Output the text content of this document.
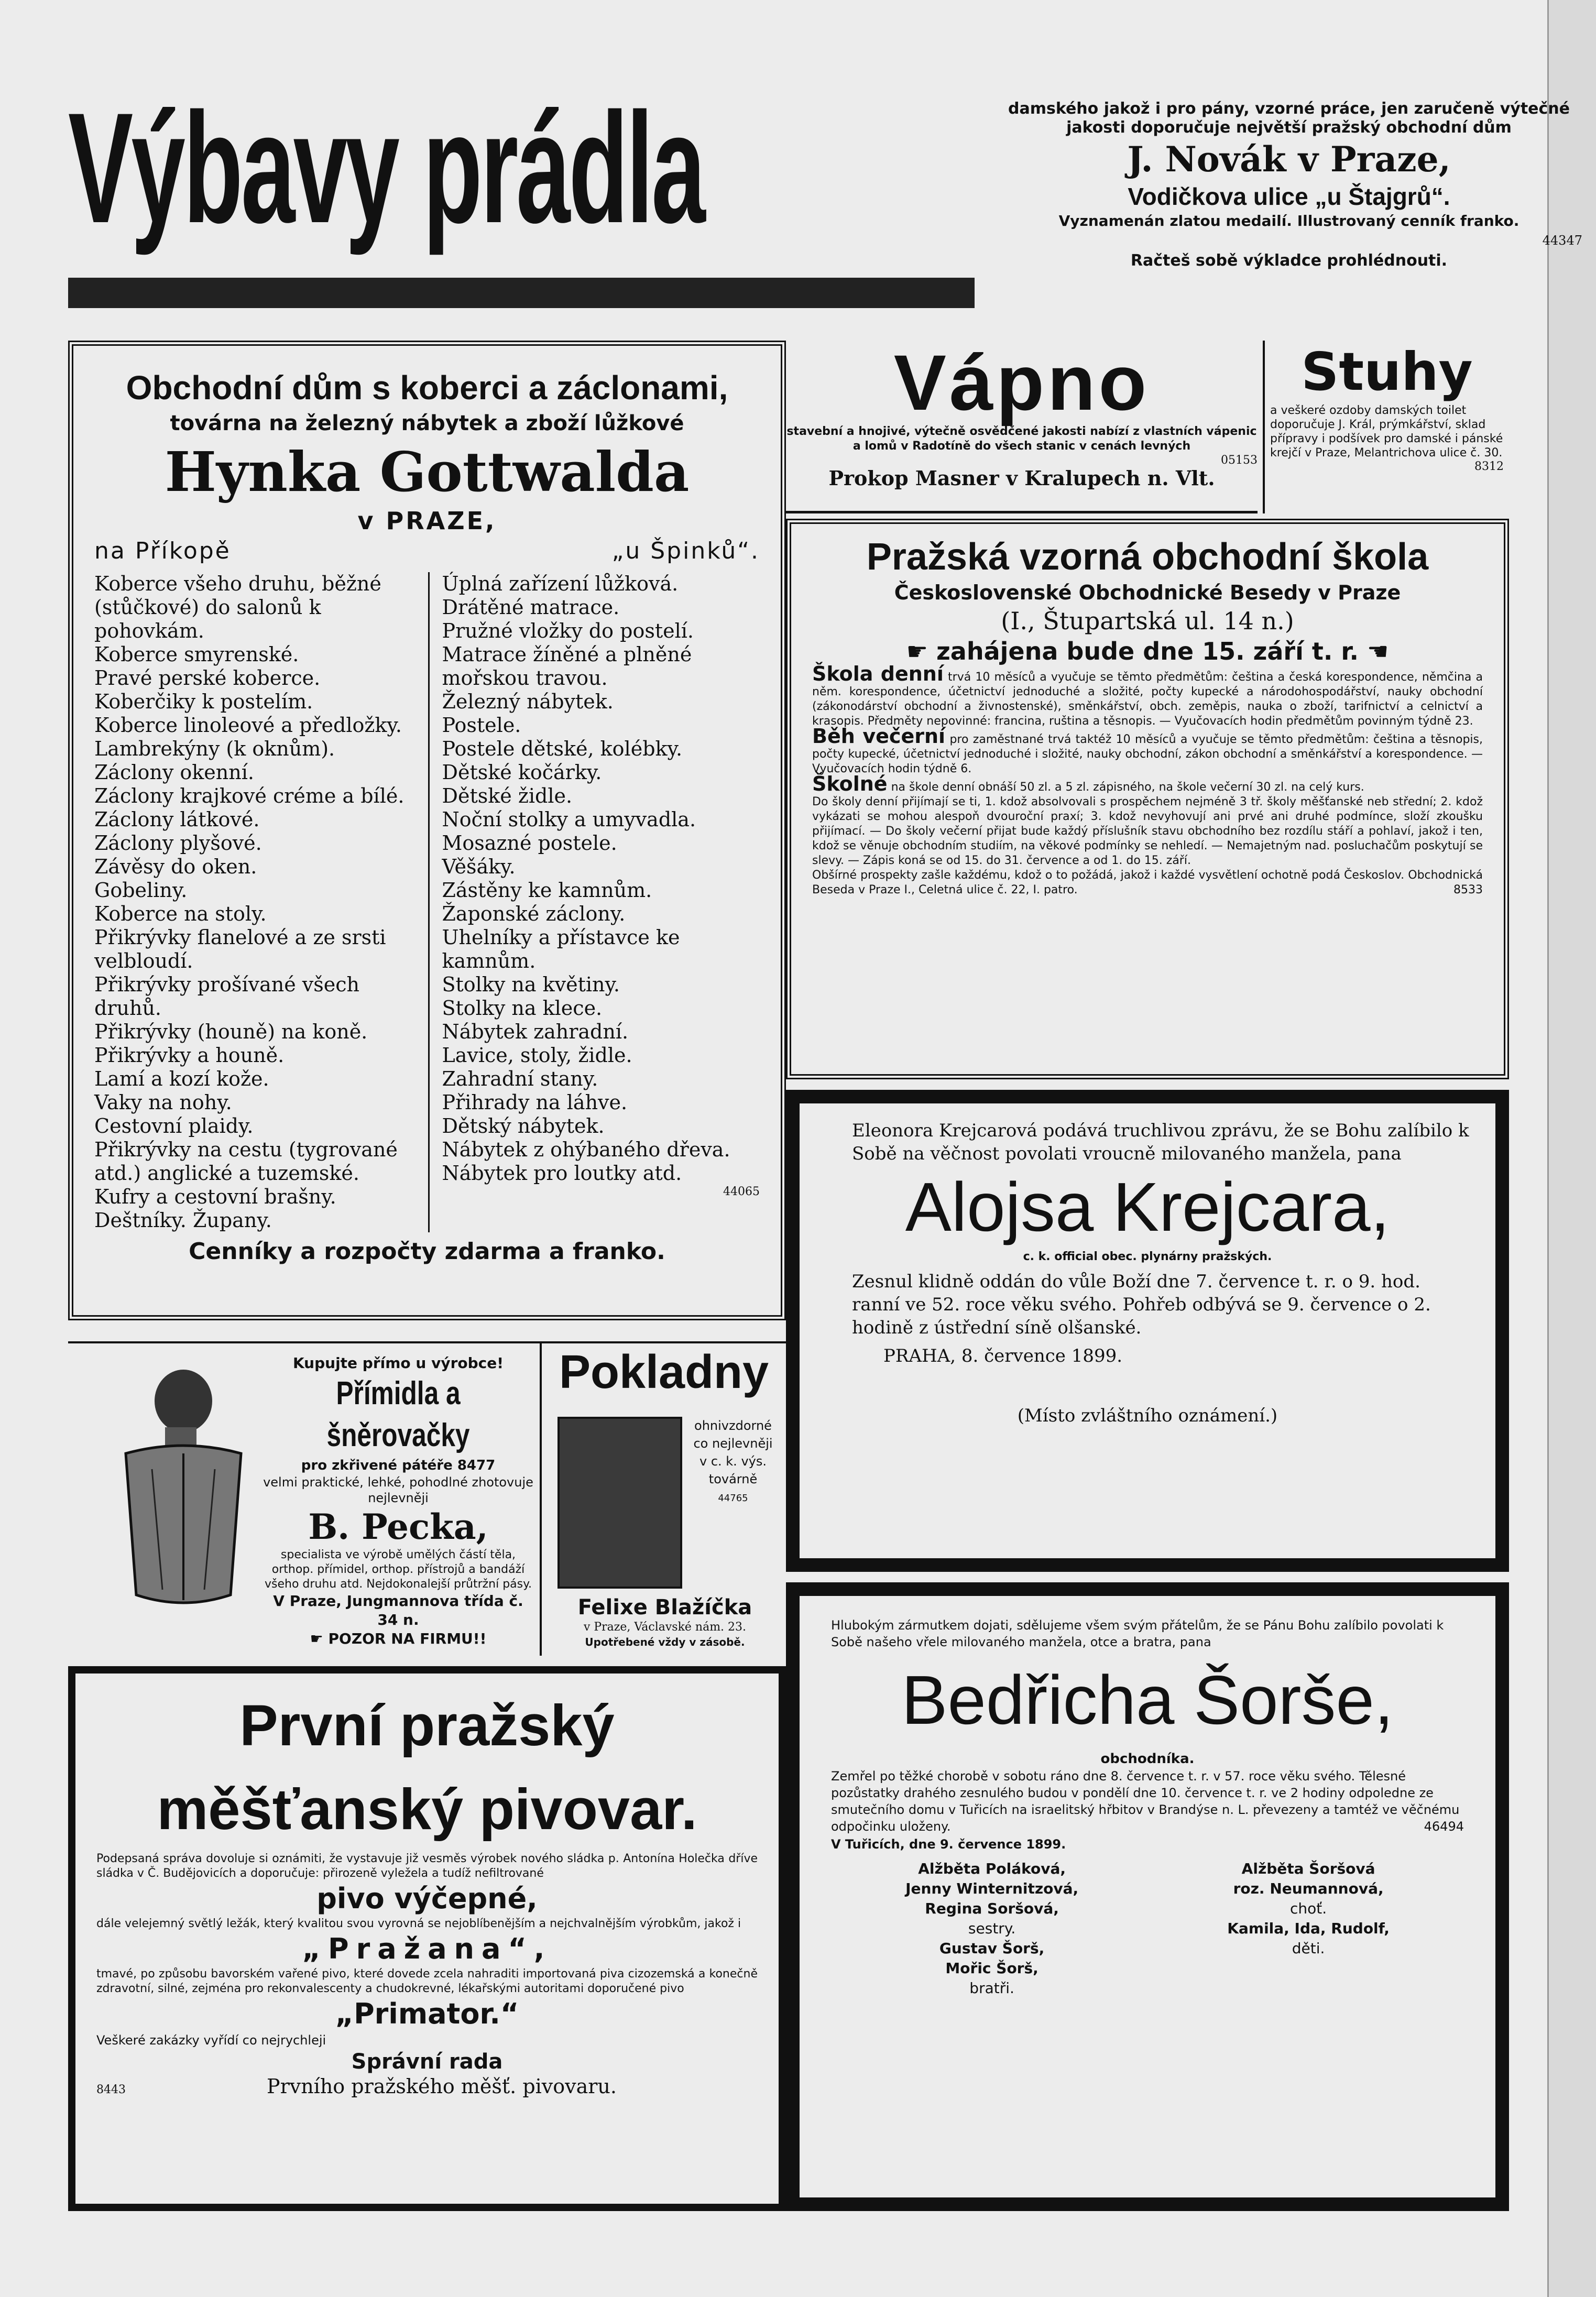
Výbavy prádla	damského jakož i pro pány, vzorné práce, jen zaručeně výtečné jakosti doporučuje největší pražský obchodní dům
J. Novák v Praze,
Vodičkova ulice „u Štajgrů“.
Vyznamenán zlatou medailí. Illustrovaný cenník franko.
44347
Račteš sobě výkladce prohlédnouti.
Obchodní dům s koberci a záclonami,
továrna na železný nábytek a zboží lůžkové
Hynka Gottwalda
v PRAZE,
na Příkopě	„u Špinků“.
Koberce všeho druhu, běžné (stůčkové) do salonů k pohovkám.
Koberce smyrenské.
Pravé perské koberce.
Koberčiky k postelím.
Koberce linoleové a předložky.
Lambrekýny (k oknům).
Záclony okenní.
Záclony krajkové créme a bílé.
Záclony látkové.
Záclony plyšové.
Závěsy do oken.
Gobeliny.
Koberce na stoly.
Přikrývky flanelové a ze srsti velbloudí.
Přikrývky prošívané všech druhů.
Přikrývky (houně) na koně.
Přikrývky a houně.
Lamí a kozí kože.
Vaky na nohy.
Cestovní plaidy.
Přikrývky na cestu (tygrované atd.) anglické a tuzemské.
Kufry a cestovní brašny.
Deštníky. Župany.
Úplná zařízení lůžková.
Drátěné matrace.
Pružné vložky do postelí.
Matrace žíněné a plněné mořskou travou.
Železný nábytek.
Postele.
Postele dětské, kolébky.
Dětské kočárky.
Dětské židle.
Noční stolky a umyvadla.
Mosazné postele.
Věšáky.
Zástěny ke kamnům.
Žaponské záclony.
Uhelníky a přístavce ke kamnům.
Stolky na květiny.
Stolky na klece.
Nábytek zahradní.
Lavice, stoly, židle.
Zahradní stany.
Přihrady na láhve.
Dětský nábytek.
Nábytek z ohýbaného dřeva.
Nábytek pro loutky atd.
44065
Cenníky a rozpočty zdarma a franko.
Vápno
stavební a hnojivé, výtečně osvědčené jakosti nabízí z vlastních vápenic a lomů v Radotíně do všech stanic v cenách levných
05153
Prokop Masner v Kralupech n. Vlt.
Stuhy
a veškeré ozdoby damských toilet doporučuje J. Král, prýmkářství, sklad přípravy i podšívek pro damské i pánské krejčí v Praze, Melantrichova ulice č. 30.
8312
Pražská vzorná obchodní škola
Československé Obchodnické Besedy v Praze
(I., Štupartská ul. 14 n.)
☛ zahájena bude dne 15. září t. r. ☚
Škola denní trvá 10 měsíců a vyučuje se těmto předmětům: čeština a česká korespondence, němčina a něm. korespondence, účetnictví jednoduché a složité, počty kupecké a národohospodářství, nauky obchodní (zákonodárství obchodní a živnostenské), směnkářství, obch. zeměpis, nauka o zboží, tarifnictví a celnictví a krasopis. Předměty nepovinné: francina, ruština a těsnopis. — Vyučovacích hodin předmětům povinným týdně 23.
Běh večerní pro zaměstnané trvá taktéž 10 měsíců a vyučuje se těmto předmětům: čeština a těsnopis, počty kupecké, účetnictví jednoduché i složité, nauky obchodní, zákon obchodní a směnkářství a korespondence. — Vyučovacích hodin týdně 6.
Školné na škole denní obnáší 50 zl. a 5 zl. zápisného, na škole večerní 30 zl. na celý kurs.
Do školy denní přijímají se ti, 1. kdož absolvovali s prospěchem nejméně 3 tř. školy měšťanské neb střední; 2. kdož vykázati se mohou alespoň dvouroční praxí; 3. kdož nevyhovují ani prvé ani druhé podmínce, složí zkoušku přijímací. — Do školy večerní přijat bude každý příslušník stavu obchodního bez rozdílu stáří a pohlaví, jakož i ten, kdož se věnuje obchodním studiím, na věkové podmínky se nehledí. — Nemajetným nad. posluchačům poskytují se slevy. — Zápis koná se od 15. do 31. července a od 1. do 15. září.
Obšírné prospekty zašle každému, kdož o to požádá, jakož i každé vysvětlení ochotně podá Českoslov. Obchodnická Beseda v Praze I., Celetná ulice č. 22, I. patro.	8533
Eleonora Krejcarová podává truchlivou zprávu, že se Bohu zalíbilo k Sobě na věčnost povolati vroucně milovaného manžela, pana
Alojsa Krejcara,
c. k. official obec. plynárny pražských.
Zesnul klidně oddán do vůle Boží dne 7. července t. r. o 9. hod. ranní ve 52. roce věku svého. Pohřeb odbývá se 9. července o 2. hodině z ústřední síně olšanské.
PRAHA, 8. července 1899.
(Místo zvláštního oznámení.)
Kupujte přímo u výrobce!
Přímidla a šněrovačky
pro zkřivené pátéře 8477
velmi praktické, lehké, pohodlné zhotovuje nejlevněji
B. Pecka,
specialista ve výrobě umělých částí těla, orthop. přímidel, orthop. přístrojů a bandáží všeho druhu atd. Nejdokonalejší průtržní pásy.
V Praze, Jungmannova třída č. 34 n.
☛ POZOR NA FIRMU!!
Pokladny
ohnivzdorné co nejlevněji v c. k. výs. továrně
44765
Felixe Blažíčka
v Praze, Václavské nám. 23.
Upotřebené vždy v zásobě.
První pražský měšťanský pivovar.
Podepsaná správa dovoluje si oznámiti, že vystavuje již vesměs výrobek nového sládka p. Antonína Holečka dříve sládka v Č. Budějovicích a doporučuje: přirozeně vyležela a tudíž nefiltrované
pivo výčepné,
dále velejemný světlý ležák, který kvalitou svou vyrovná se nejoblíbenějším a nejchvalnějším výrobkům, jakož i
„Pražana“,
tmavé, po způsobu bavorském vařené pivo, které dovede zcela nahraditi importovaná piva cizozemská a konečně zdravotní, silné, zejména pro rekonvalescenty a chudokrevné, lékařskými autoritami doporučené pivo
„Primator.“
Veškeré zakázky vyřídí co nejrychleji
Správní rada
8443	Prvního pražského měšť. pivovaru.
Hlubokým zármutkem dojati, sdělujeme všem svým přátelům, že se Pánu Bohu zalíbilo povolati k Sobě našeho vřele milovaného manžela, otce a bratra, pana
Bedřicha Šorše,
obchodníka.
Zemřel po těžké chorobě v sobotu ráno dne 8. července t. r. v 57. roce věku svého. Tělesné pozůstatky drahého zesnulého budou v pondělí dne 10. července t. r. ve 2 hodiny odpoledne ze smutečního domu v Tuřicích na israelitský hřbitov v Brandýse n. L. převezeny a tamtéž ve věčnému odpočinku uloženy.	46494
V Tuřicích, dne 9. července 1899.
Alžběta Poláková,
Jenny Winternitzová,
Regina Soršová,
sestry.
Gustav Šorš,
Mořic Šorš,
bratři.
Alžběta Šoršová
roz. Neumannová,
choť.
Kamila, Ida, Rudolf,
děti.
